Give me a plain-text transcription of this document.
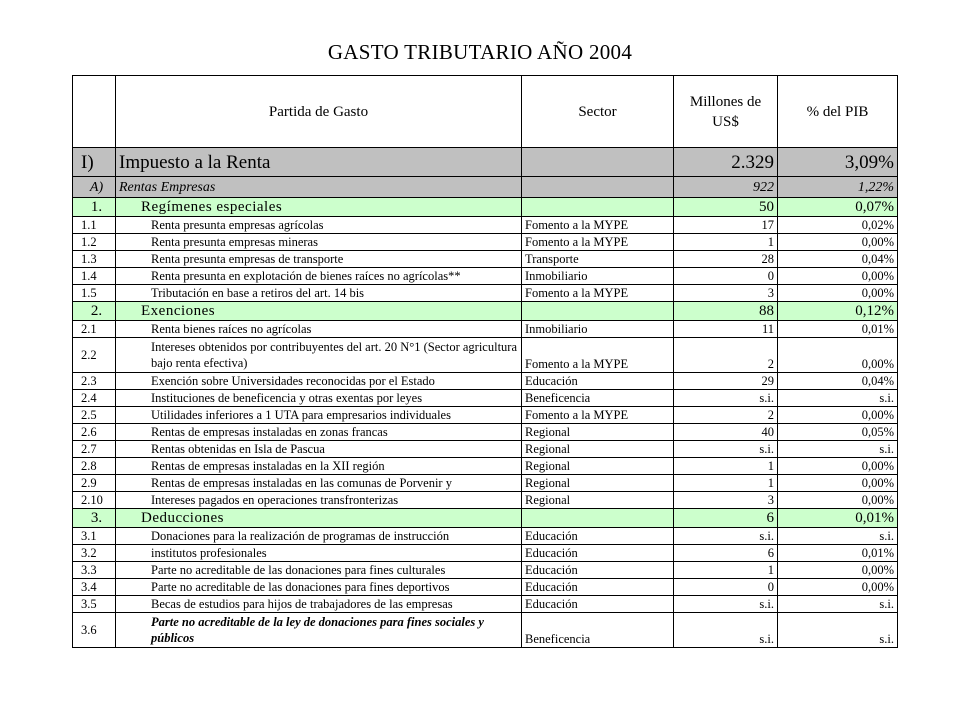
GASTO TRIBUTARIO AÑO 2004
	Partida de Gasto	Sector	Millones de US$	% del PIB
I)	Impuesto a la Renta		2.329	3,09%
A)	Rentas Empresas		922	1,22%
1.	Regímenes especiales		50	0,07%
1.1	Renta presunta empresas agrícolas	Fomento a la MYPE	17	0,02%
1.2	Renta presunta empresas mineras	Fomento a la MYPE	1	0,00%
1.3	Renta presunta empresas de transporte	Transporte	28	0,04%
1.4	Renta presunta en explotación de bienes raíces no agrícolas**	Inmobiliario	0	0,00%
1.5	Tributación en base a retiros del art. 14 bis	Fomento a la MYPE	3	0,00%
2.	Exenciones		88	0,12%
2.1	Renta bienes raíces no agrícolas	Inmobiliario	11	0,01%
2.2	Intereses obtenidos por contribuyentes del art. 20 N°1 (Sector agricultura bajo renta efectiva)	Fomento a la MYPE	2	0,00%
2.3	Exención sobre Universidades reconocidas por el Estado	Educación	29	0,04%
2.4	Instituciones de beneficencia y otras exentas por leyes	Beneficencia	s.i.	s.i.
2.5	Utilidades inferiores a 1 UTA para empresarios individuales	Fomento a la MYPE	2	0,00%
2.6	Rentas de empresas instaladas en zonas francas	Regional	40	0,05%
2.7	Rentas obtenidas en Isla de Pascua	Regional	s.i.	s.i.
2.8	Rentas de empresas instaladas en la XII región	Regional	1	0,00%
2.9	Rentas de empresas instaladas en las comunas de Porvenir y	Regional	1	0,00%
2.10	Intereses pagados en operaciones transfronterizas	Regional	3	0,00%
3.	Deducciones		6	0,01%
3.1	Donaciones para la realización de programas de instrucción	Educación	s.i.	s.i.
3.2	institutos profesionales	Educación	6	0,01%
3.3	Parte no acreditable de las donaciones para fines culturales	Educación	1	0,00%
3.4	Parte no acreditable de las donaciones para fines deportivos	Educación	0	0,00%
3.5	Becas de estudios para hijos de trabajadores de las empresas	Educación	s.i.	s.i.
3.6	Parte no acreditable de la ley de donaciones para fines sociales y públicos	Beneficencia	s.i.	s.i.
